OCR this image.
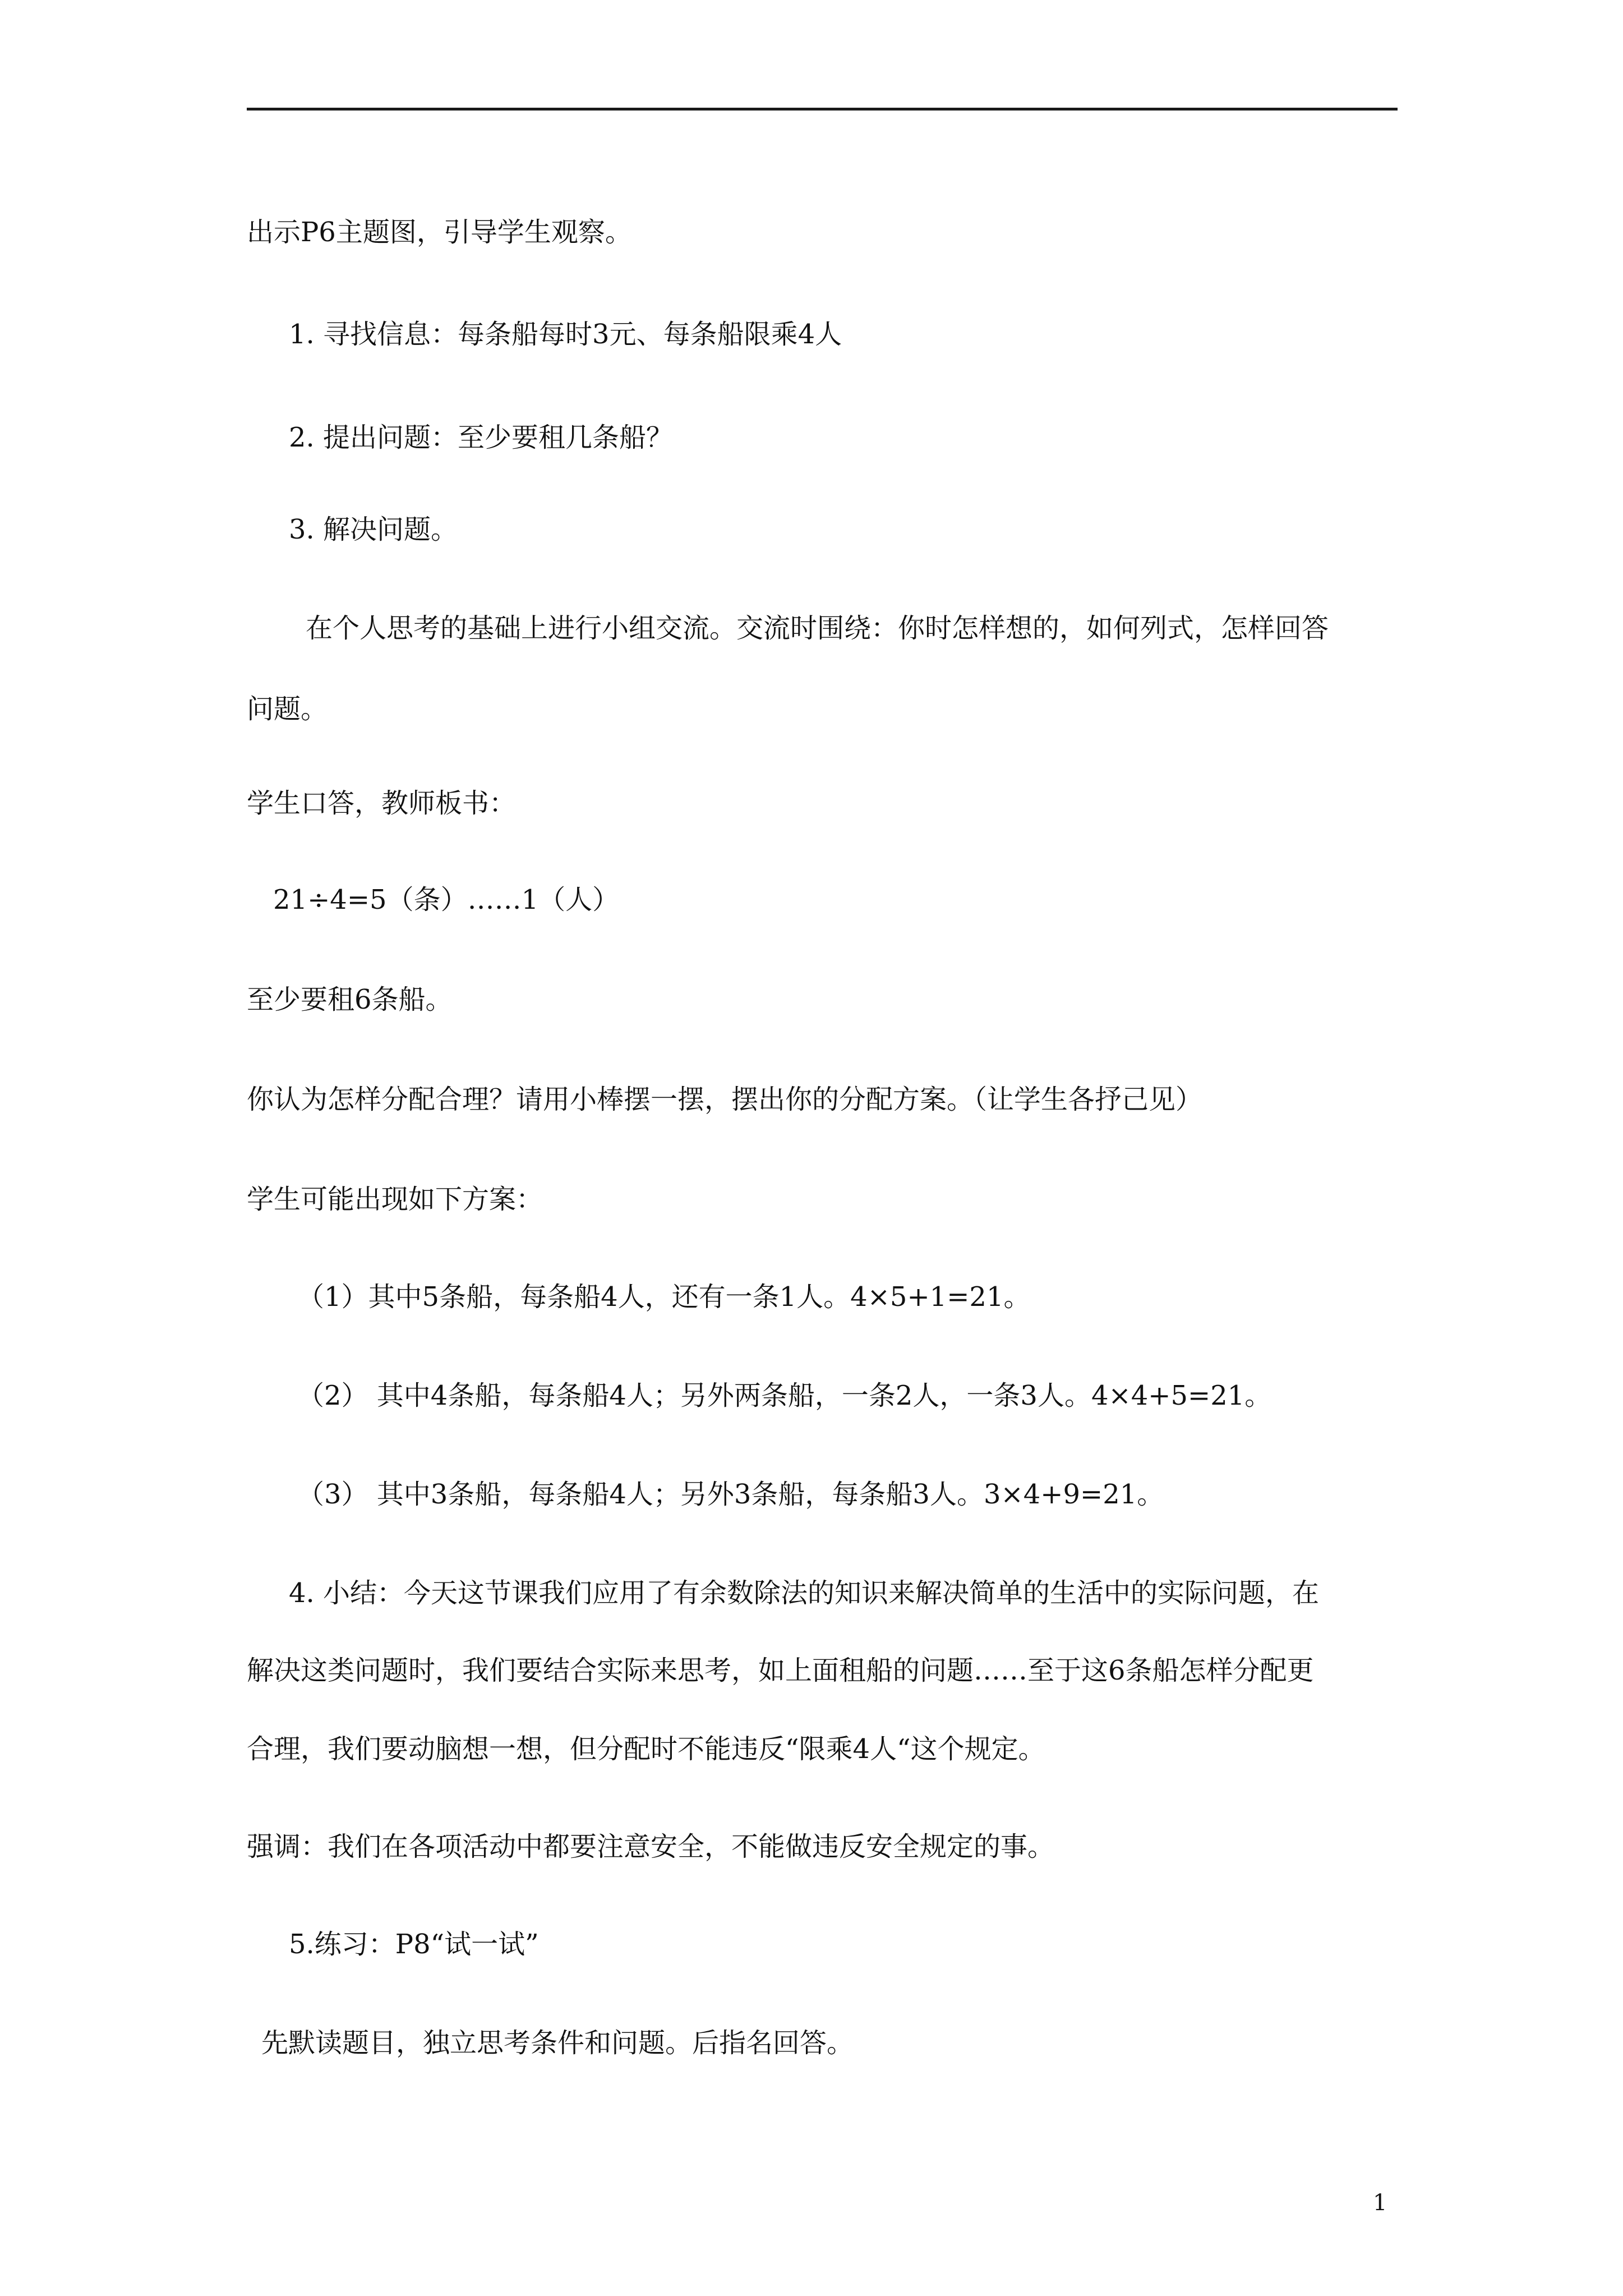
出示P6主题图，引导学生观察。
1. 寻找信息：每条船每时3元、每条船限乘4人
2. 提出问题：至少要租几条船？
3. 解决问题。
在个人思考的基础上进行小组交流。交流时围绕：你时怎样想的，如何列式，怎样回答
问题。
学生口答，教师板书：
21÷4=5（条）……1（人）
至少要租6条船。
你认为怎样分配合理？请用小棒摆一摆，摆出你的分配方案。（让学生各抒己见）
学生可能出现如下方案：
（1）其中5条船，每条船4人，还有一条1人。4×5+1=21。
（2） 其中4条船，每条船4人；另外两条船，一条2人，一条3人。4×4+5=21。
（3） 其中3条船，每条船4人；另外3条船，每条船3人。3×4+9=21。
4. 小结：今天这节课我们应用了有余数除法的知识来解决简单的生活中的实际问题，在
解决这类问题时，我们要结合实际来思考，如上面租船的问题……至于这6条船怎样分配更
合理，我们要动脑想一想，但分配时不能违反“限乘4人“这个规定。
强调：我们在各项活动中都要注意安全，不能做违反安全规定的事。
5.练习：P8“试一试”
先默读题目，独立思考条件和问题。后指名回答。
1
